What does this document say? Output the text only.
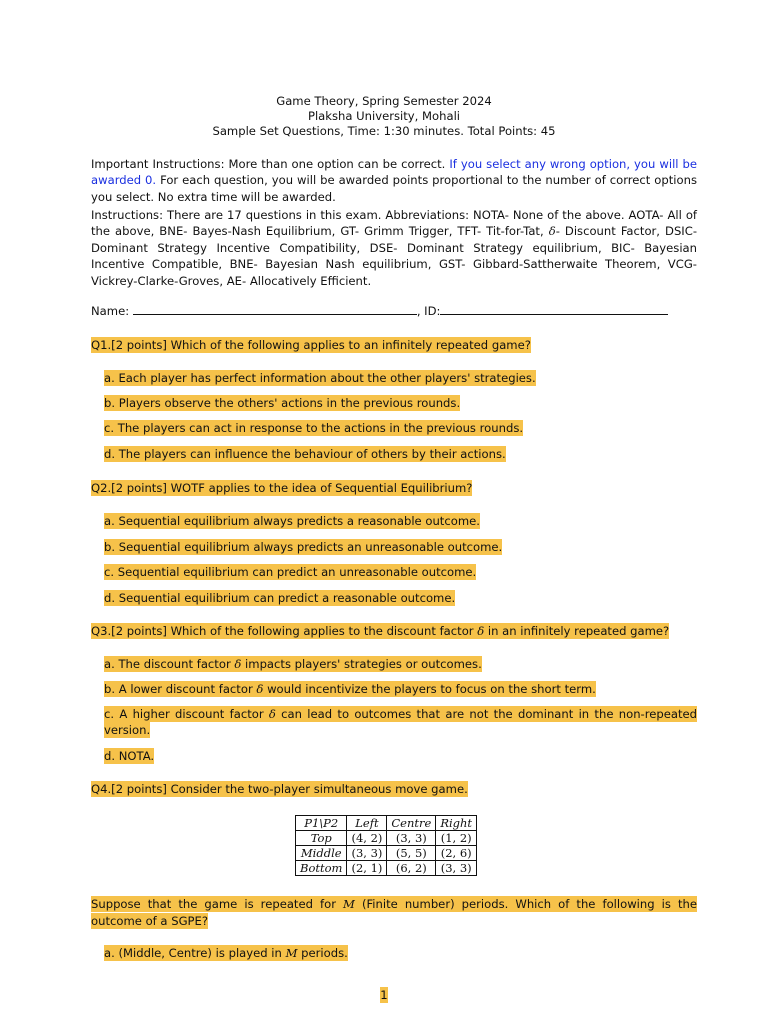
Game Theory, Spring Semester 2024
Plaksha University, Mohali
Sample Set Questions, Time: 1:30 minutes. Total Points: 45
Important Instructions: More than one option can be correct. If you select any wrong option, you will be awarded 0. For each question, you will be awarded points proportional to the number of correct options you select. No extra time will be awarded.
Instructions: There are 17 questions in this exam. Abbreviations: NOTA- None of the above. AOTA- All of the above, BNE- Bayes-Nash Equilibrium, GT- Grimm Trigger, TFT- Tit-for-Tat, δ- Discount Factor, DSIC-Dominant Strategy Incentive Compatibility, DSE- Dominant Strategy equilibrium, BIC- Bayesian Incentive Compatible, BNE- Bayesian Nash equilibrium, GST- Gibbard-Sattherwaite Theorem, VCG- Vickrey-Clarke-Groves, AE- Allocatively Efficient.
Name:	, ID:
Q1.[2 points] Which of the following applies to an infinitely repeated game?
a. Each player has perfect information about the other players' strategies.
b. Players observe the others' actions in the previous rounds.
c. The players can act in response to the actions in the previous rounds.
d. The players can influence the behaviour of others by their actions.
Q2.[2 points] WOTF applies to the idea of Sequential Equilibrium?
a. Sequential equilibrium always predicts a reasonable outcome.
b. Sequential equilibrium always predicts an unreasonable outcome.
c. Sequential equilibrium can predict an unreasonable outcome.
d. Sequential equilibrium can predict a reasonable outcome.
Q3.[2 points] Which of the following applies to the discount factor δ in an infinitely repeated game?
a. The discount factor δ impacts players' strategies or outcomes.
b. A lower discount factor δ would incentivize the players to focus on the short term.
c. A higher discount factor δ can lead to outcomes that are not the dominant in the non-repeated version.
d. NOTA.
Q4.[2 points] Consider the two-player simultaneous move game.
P1\P2	Left	Centre	Right
Top	(4, 2)	(3, 3)	(1, 2)
Middle	(3, 3)	(5, 5)	(2, 6)
Bottom	(2, 1)	(6, 2)	(3, 3)
Suppose that the game is repeated for M (Finite number) periods. Which of the following is the outcome of a SGPE?
a. (Middle, Centre) is played in M periods.
1
